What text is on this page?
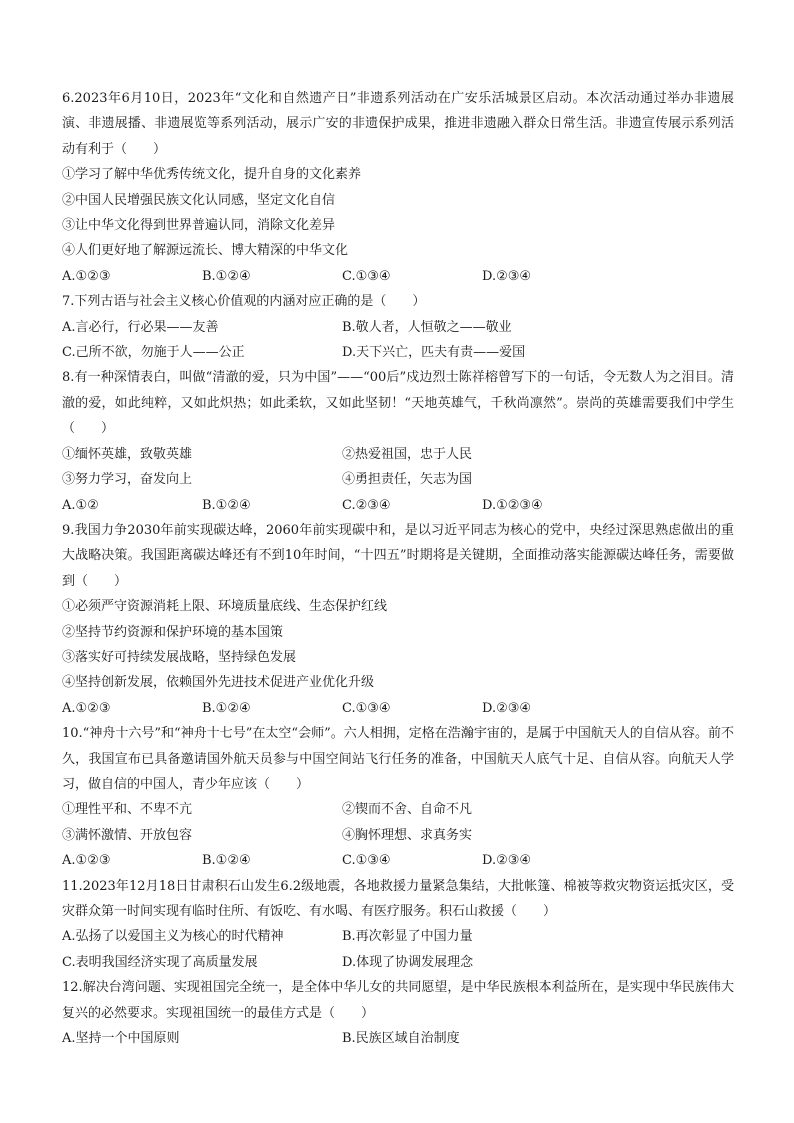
6.2023年6月10日，2023年“文化和自然遗产日”非遗系列活动在广安乐活城景区启动。本次活动通过举办非遗展演、非遗展播、非遗展览等系列活动，展示广安的非遗保护成果，推进非遗融入群众日常生活。非遗宣传展示系列活动有利于（　　）

①学习了解中华优秀传统文化，提升自身的文化素养

②中国人民增强民族文化认同感，坚定文化自信

③让中华文化得到世界普遍认同，消除文化差异

④人们更好地了解源远流长、博大精深的中华文化

A.①②③	B.①②④	C.①③④	D.②③④

7.下列古语与社会主义核心价值观的内涵对应正确的是（　　）

A.言必行，行必果——友善	B.敬人者，人恒敬之——敬业
C.己所不欲，勿施于人——公正	D.天下兴亡，匹夫有责——爱国

8.有一种深情表白，叫做“清澈的爱，只为中国”——“00后”戍边烈士陈祥榕曾写下的一句话，令无数人为之泪目。清澈的爱，如此纯粹，又如此炽热；如此柔软，又如此坚韧！“天地英雄气，千秋尚凛然”。崇尚的英雄需要我们中学生（　　）

①缅怀英雄，致敬英雄	②热爱祖国，忠于人民
③努力学习，奋发向上	④勇担责任，矢志为国
A.①②	B.①②④	C.②③④	D.①②③④

9.我国力争2030年前实现碳达峰，2060年前实现碳中和，是以习近平同志为核心的党中，央经过深思熟虑做出的重大战略决策。我国距离碳达峰还有不到10年时间，“十四五”时期将是关键期，全面推动落实能源碳达峰任务，需要做到（　　）

①必须严守资源消耗上限、环境质量底线、生态保护红线

②坚持节约资源和保护环境的基本国策

③落实好可持续发展战略，坚持绿色发展

④坚持创新发展，依赖国外先进技术促进产业优化升级

A.①②③	B.①②④	C.①③④	D.②③④

10.“神舟十六号”和“神舟十七号”在太空“会师”。六人相拥，定格在浩瀚宇宙的，是属于中国航天人的自信从容。前不久，我国宣布已具备邀请国外航天员参与中国空间站飞行任务的准备，中国航天人底气十足、自信从容。向航天人学习，做自信的中国人，青少年应该（　　）

①理性平和、不卑不亢	②锲而不舍、自命不凡
③满怀激情、开放包容	④胸怀理想、求真务实
A.①②③	B.①②④	C.①③④	D.②③④

11.2023年12月18日甘肃积石山发生6.2级地震，各地救援力量紧急集结，大批帐篷、棉被等救灾物资运抵灾区，受灾群众第一时间实现有临时住所、有饭吃、有水喝、有医疗服务。积石山救援（　　）

A.弘扬了以爱国主义为核心的时代精神	B.再次彰显了中国力量
C.表明我国经济实现了高质量发展	D.体现了协调发展理念

12.解决台湾问题、实现祖国完全统一，是全体中华儿女的共同愿望，是中华民族根本利益所在，是实现中华民族伟大复兴的必然要求。实现祖国统一的最佳方式是（　　）

A.坚持一个中国原则	B.民族区域自治制度
